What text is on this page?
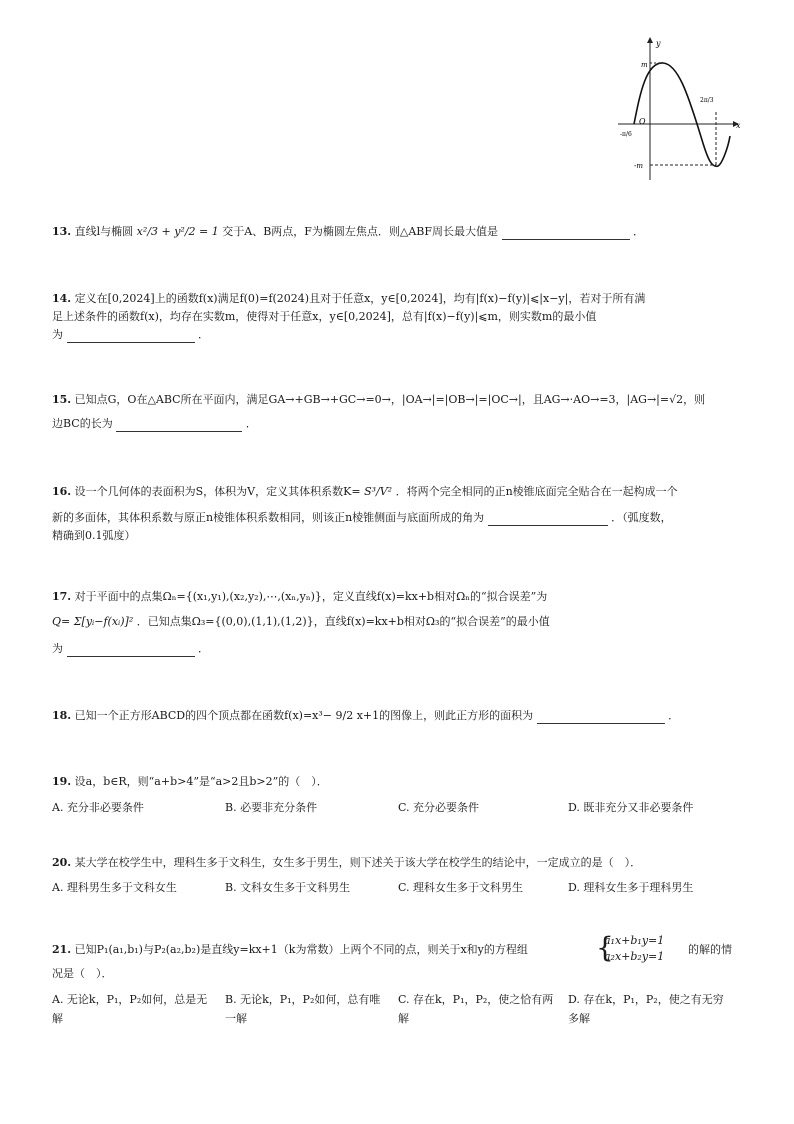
y
x
O
m
-m
-π/6
2π/3
13. 直线l与椭圆 x²/3 + y²/2 = 1 交于A、B两点，F为椭圆左焦点．则△ABF周长最大值是	．
14. 定义在[0,2024]上的函数f(x)满足f(0)=f(2024)且对于任意x，y∈[0,2024]，均有|f(x)−f(y)|⩽|x−y|，若对于所有满
足上述条件的函数f(x)，均存在实数m，使得对于任意x，y∈[0,2024]，总有|f(x)−f(y)|⩽m，则实数m的最小值
为	．
15. 已知点G，O在△ABC所在平面内，满足GA→+GB→+GC→=0→，|OA→|=|OB→|=|OC→|，且AG→·AO→=3，|AG→|=√2，则
边BC的长为	．
16. 设一个几何体的表面积为S，体积为V，定义其体积系数K= S³/V² ．将两个完全相同的正n棱锥底面完全贴合在一起构成一个
新的多面体，其体积系数与原正n棱锥体积系数相同，则该正n棱锥侧面与底面所成的角为	．（弧度数，
精确到0.1弧度）
17. 对于平面中的点集Ωₙ={(x₁,y₁),(x₂,y₂),⋯,(xₙ,yₙ)}，定义直线f(x)=kx+b相对Ωₙ的“拟合误差”为
Q= Σ[yᵢ−f(xᵢ)]² ．已知点集Ω₃={(0,0),(1,1),(1,2)}，直线f(x)=kx+b相对Ω₃的“拟合误差”的最小值
为	．
18. 已知一个正方形ABCD的四个顶点都在函数f(x)=x³− 9/2 x+1的图像上，则此正方形的面积为	．
19. 设a，b∈R，则“a+b>4”是“a>2且b>2”的（　）．
A. 充分非必要条件	B. 必要非充分条件	C. 充分必要条件	D. 既非充分又非必要条件
20. 某大学在校学生中，理科生多于文科生，女生多于男生，则下述关于该大学在校学生的结论中，一定成立的是（　）．
A. 理科男生多于文科女生	B. 文科女生多于文科男生	C. 理科女生多于文科男生	D. 理科女生多于理科男生
21. 已知P₁(a₁,b₁)与P₂(a₂,b₂)是直线y=kx+1（k为常数）上两个不同的点，则关于x和y的方程组 {
a₁x+b₁y=1
a₂x+b₂y=1
的解的情
况是（　）．
A. 无论k，P₁，P₂如何，总是无解
B. 无论k，P₁，P₂如何，总有唯一解
C. 存在k，P₁，P₂，使之恰有两解
D. 存在k，P₁，P₂，使之有无穷多解
